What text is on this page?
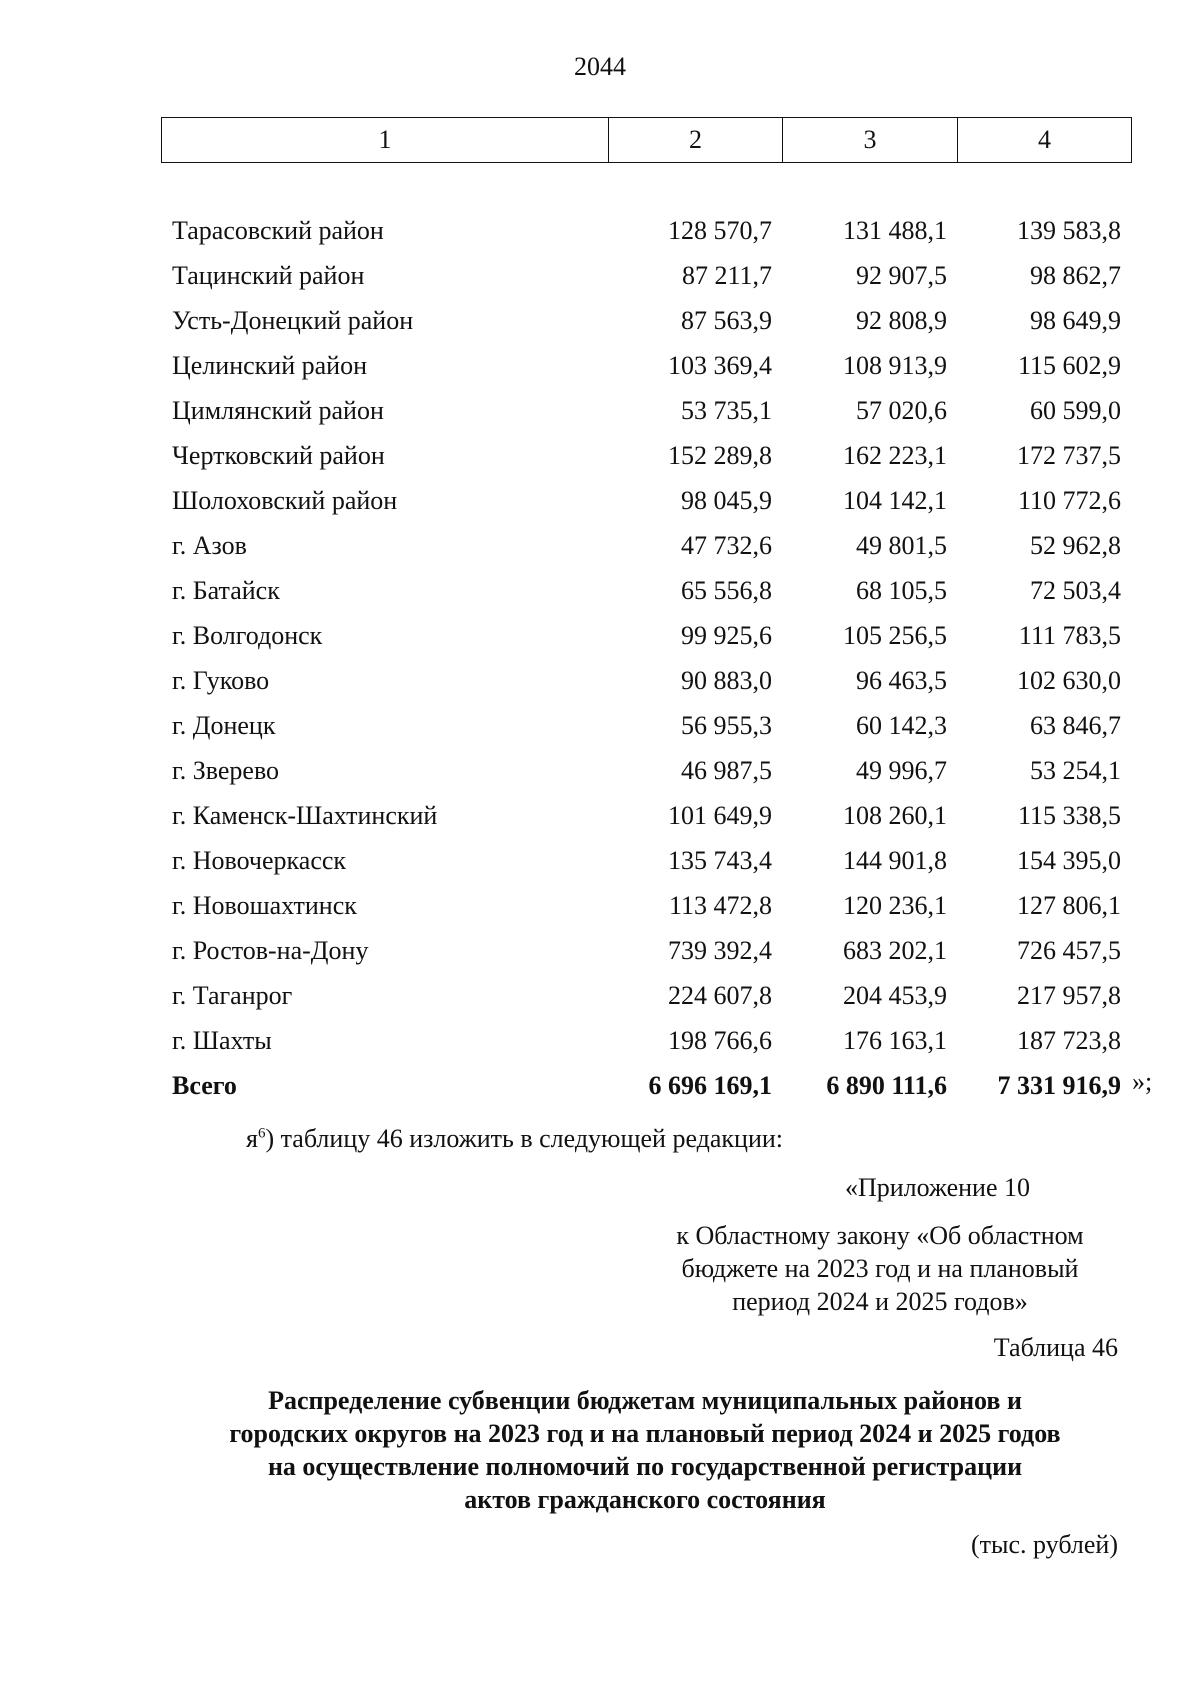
2044
1	2	3	4
Тарасовский район	128 570,7	131 488,1	139 583,8
Тацинский район	87 211,7	92 907,5	98 862,7
Усть-Донецкий район	87 563,9	92 808,9	98 649,9
Целинский район	103 369,4	108 913,9	115 602,9
Цимлянский район	53 735,1	57 020,6	60 599,0
Чертковский район	152 289,8	162 223,1	172 737,5
Шолоховский район	98 045,9	104 142,1	110 772,6
г. Азов	47 732,6	49 801,5	52 962,8
г. Батайск	65 556,8	68 105,5	72 503,4
г. Волгодонск	99 925,6	105 256,5	111 783,5
г. Гуково	90 883,0	96 463,5	102 630,0
г. Донецк	56 955,3	60 142,3	63 846,7
г. Зверево	46 987,5	49 996,7	53 254,1
г. Каменск-Шахтинский	101 649,9	108 260,1	115 338,5
г. Новочеркасск	135 743,4	144 901,8	154 395,0
г. Новошахтинск	113 472,8	120 236,1	127 806,1
г. Ростов-на-Дону	739 392,4	683 202,1	726 457,5
г. Таганрог	224 607,8	204 453,9	217 957,8
г. Шахты	198 766,6	176 163,1	187 723,8
Всего	6 696 169,1	6 890 111,6	7 331 916,9 »;
$я^6$) таблицу 46 изложить в следующей редакции:
«Приложение 10
к Областному закону «Об областном
бюджете на 2023 год и на плановый
период 2024 и 2025 годов»
Таблица 46
Распределение субвенции бюджетам муниципальных районов и
городских округов на 2023 год и на плановый период 2024 и 2025 годов
на осуществление полномочий по государственной регистрации
актов гражданского состояния
(тыс. рублей)
